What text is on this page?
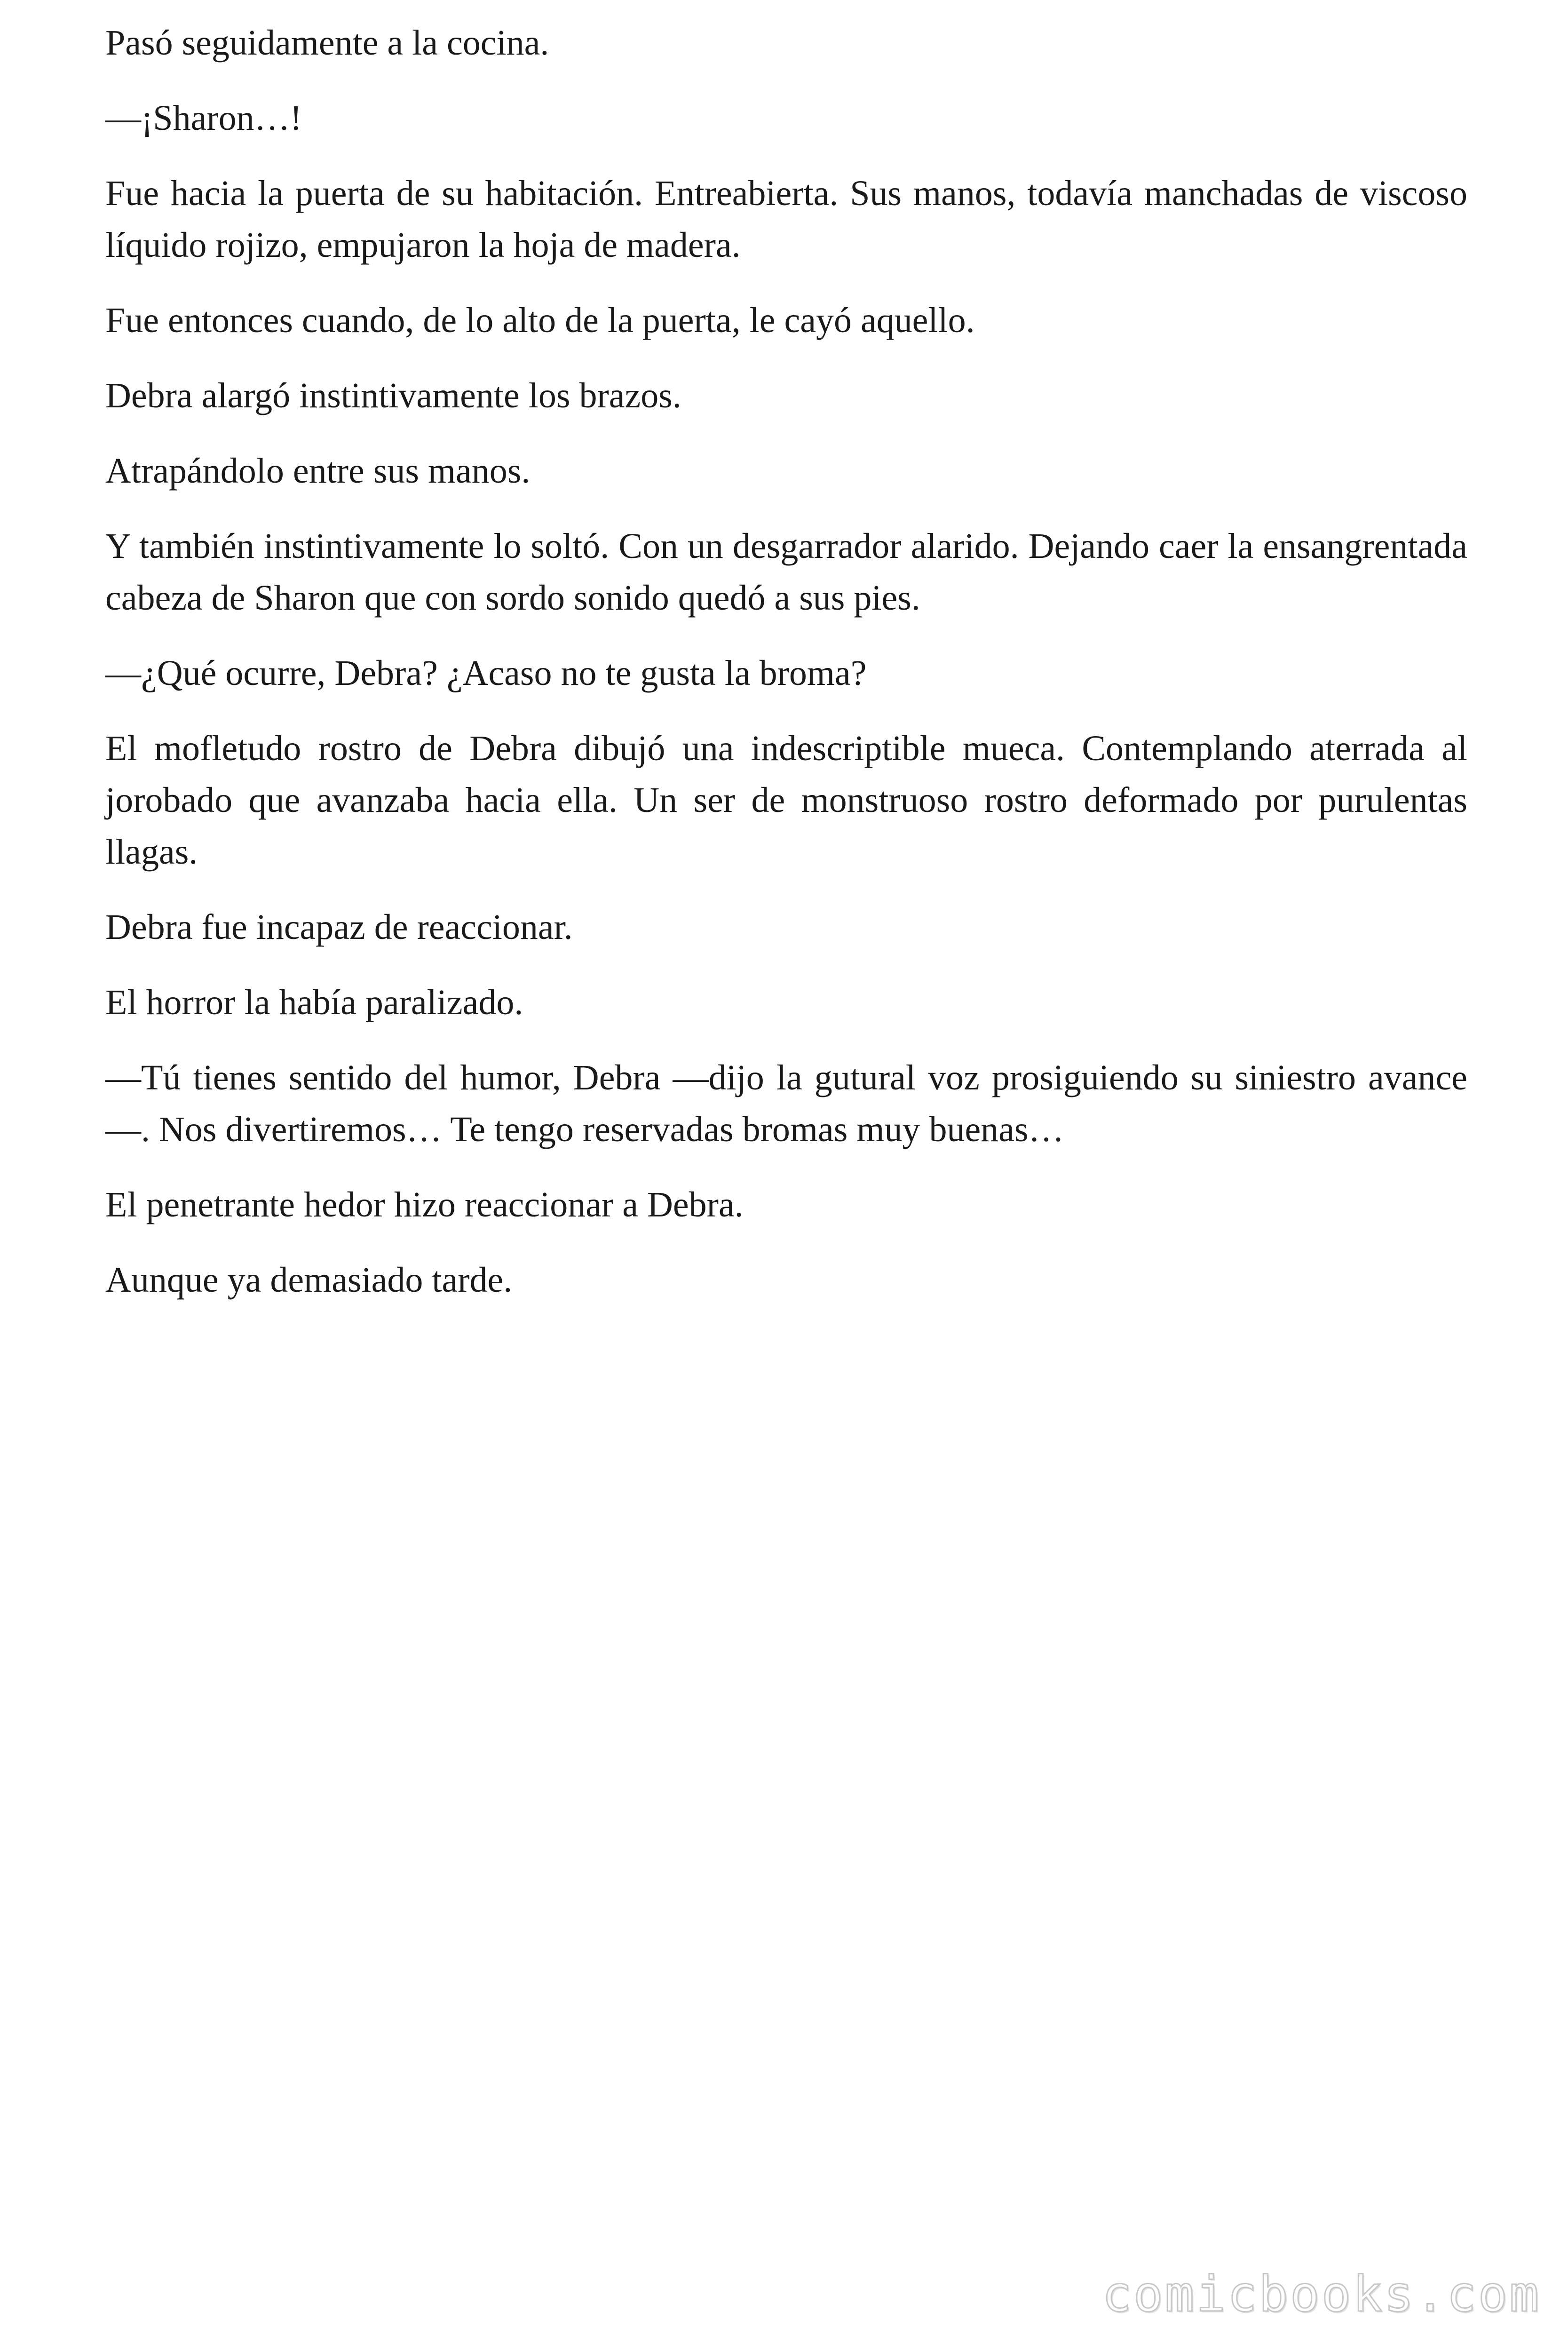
Pasó seguidamente a la cocina.

—¡Sharon…!

Fue hacia la puerta de su habitación. Entreabierta. Sus manos, todavía manchadas de viscoso líquido rojizo, empujaron la hoja de madera.

Fue entonces cuando, de lo alto de la puerta, le cayó aquello.

Debra alargó instintivamente los brazos.

Atrapándolo entre sus manos.

Y también instintivamente lo soltó. Con un desgarrador alarido. Dejando caer la ensangrentada cabeza de Sharon que con sordo sonido quedó a sus pies.

—¿Qué ocurre, Debra? ¿Acaso no te gusta la broma?

El mofletudo rostro de Debra dibujó una indescriptible mueca. Contemplando aterrada al jorobado que avanzaba hacia ella. Un ser de monstruoso rostro deformado por purulentas llagas.

Debra fue incapaz de reaccionar.

El horror la había paralizado.

—Tú tienes sentido del humor, Debra —dijo la gutural voz prosiguiendo su siniestro avance—. Nos divertiremos… Te tengo reservadas bromas muy buenas…

El penetrante hedor hizo reaccionar a Debra.

Aunque ya demasiado tarde.

comicbooks.com
